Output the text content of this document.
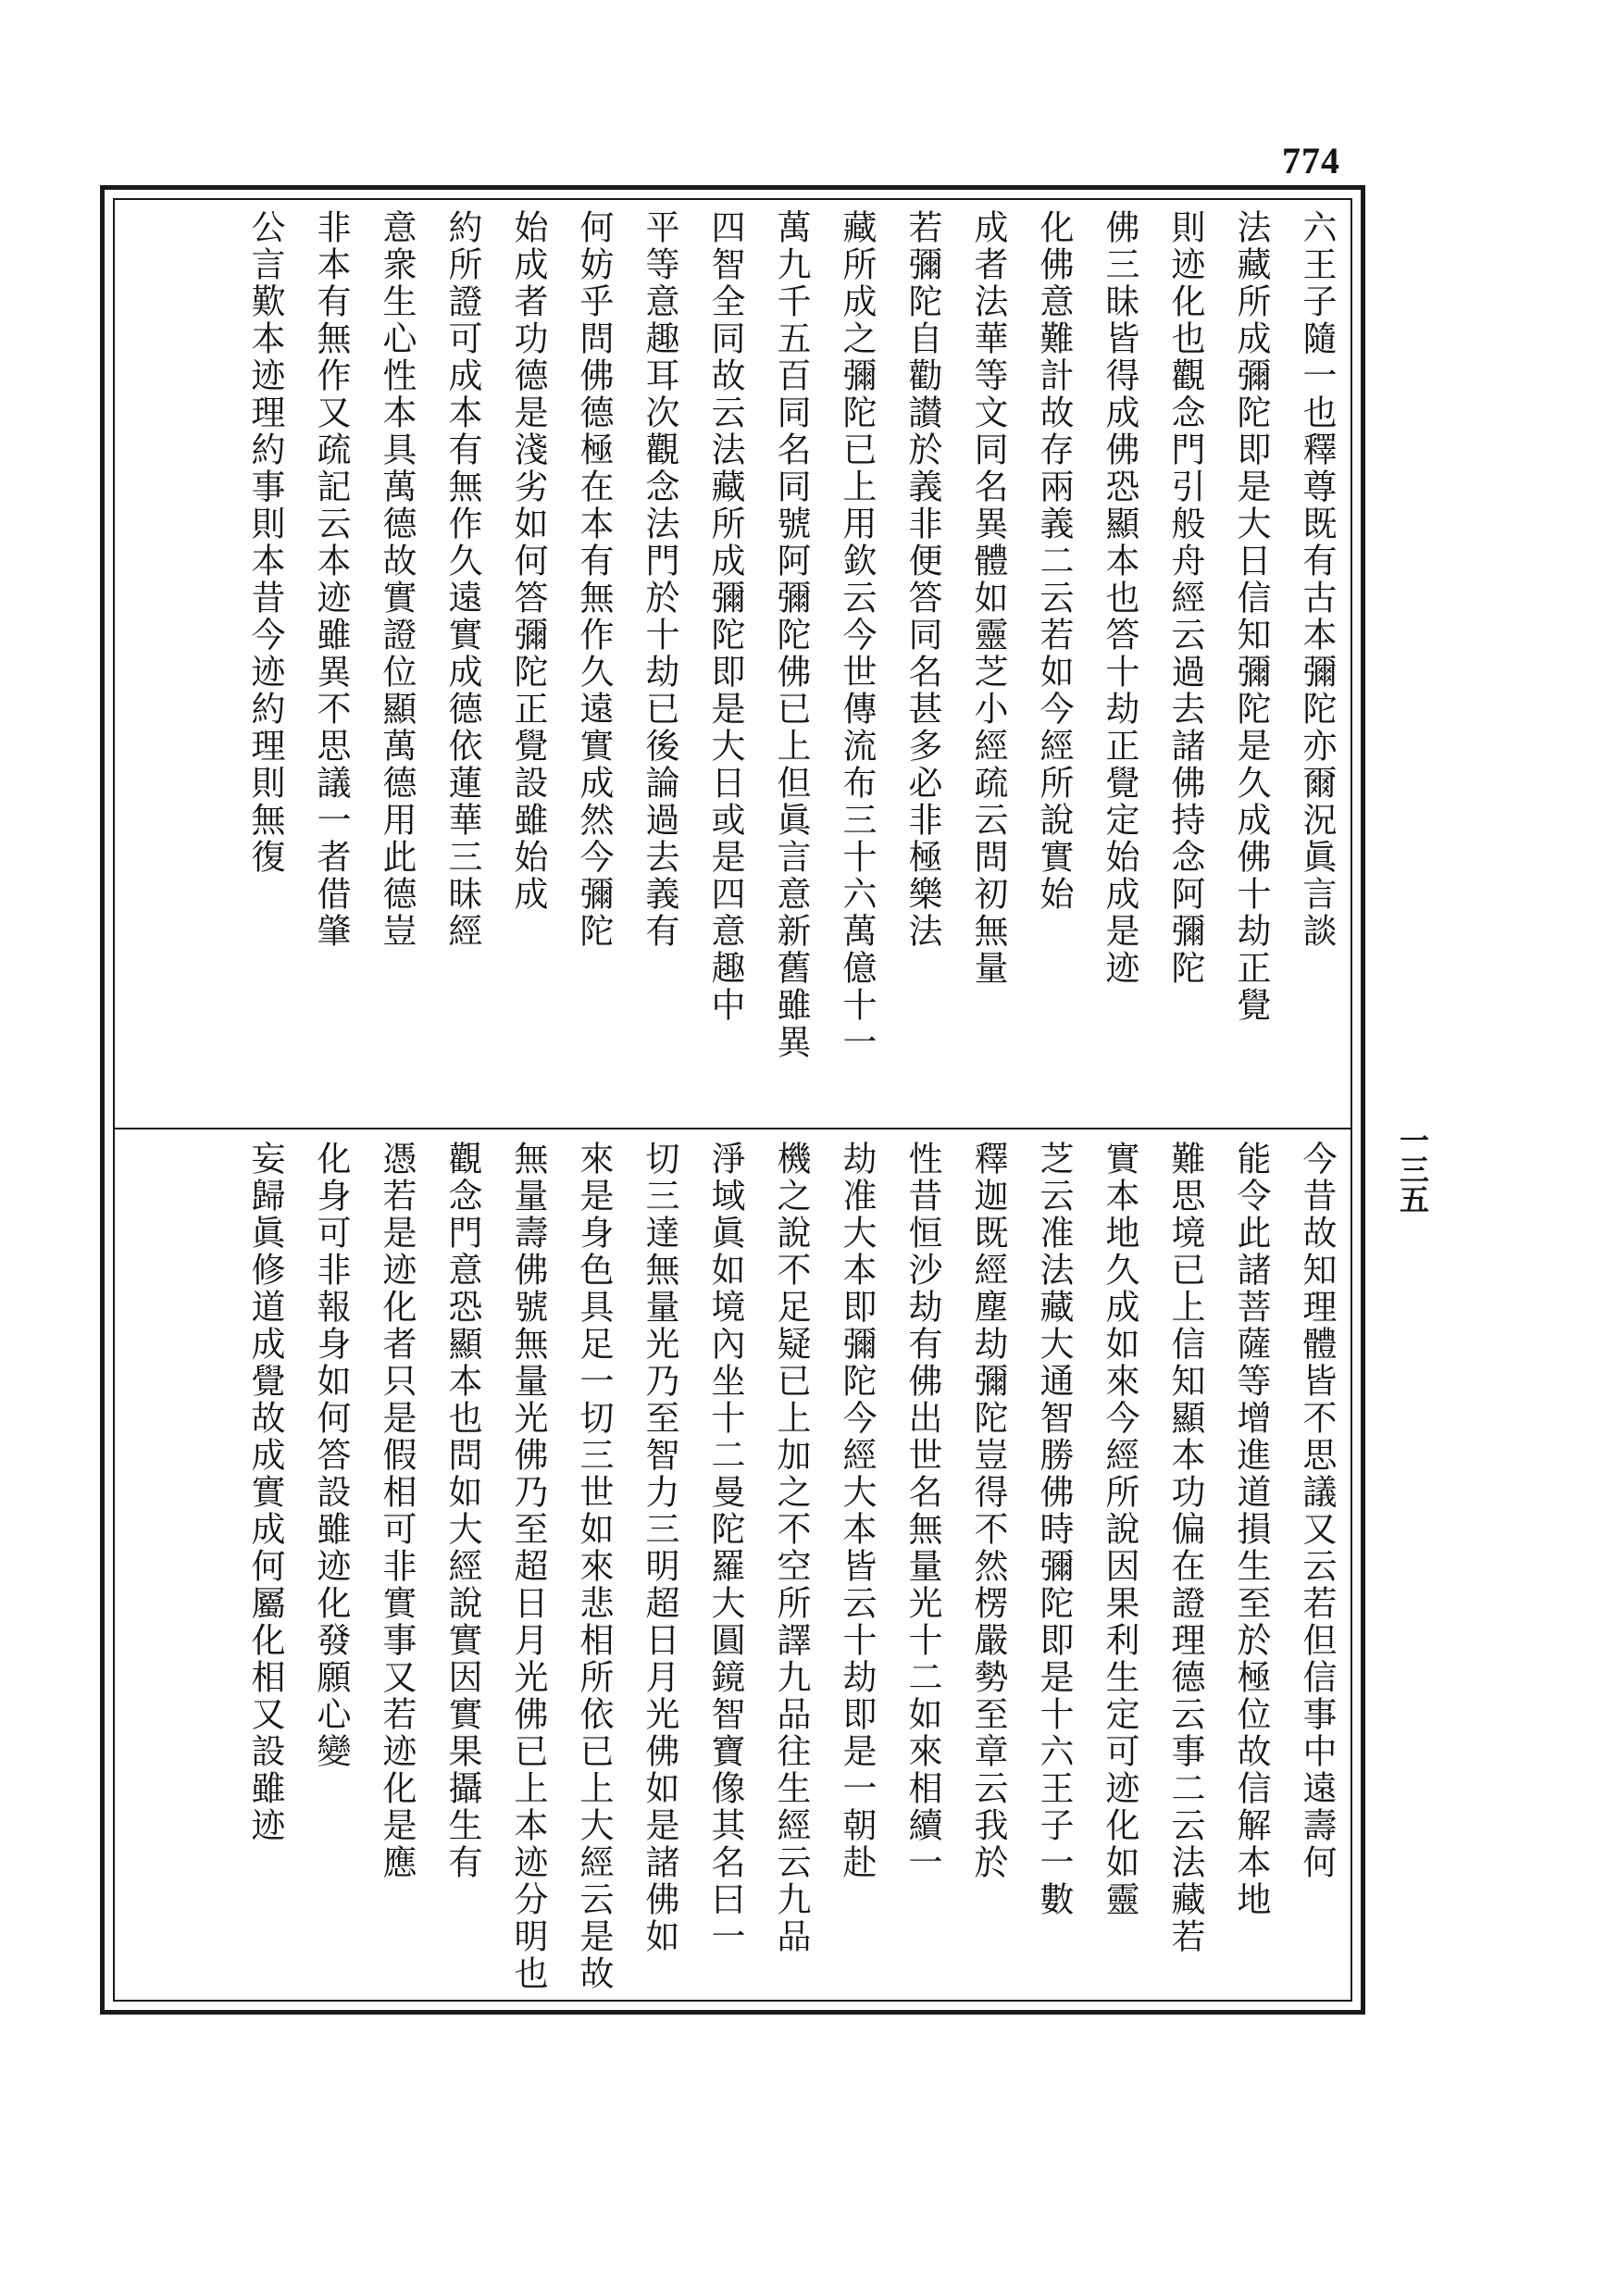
774
一三五
六王子隨一也釋尊既有古本彌陀亦爾況眞言談
法藏所成彌陀即是大日信知彌陀是久成佛十劫正覺
則迹化也觀念門引般舟經云過去諸佛持念阿彌陀
佛三昧皆得成佛恐顯本也答十劫正覺定始成是迹
化佛意難計故存兩義二云若如今經所說實始
成者法華等文同名異體如靈芝小經疏云問初無量
若彌陀自勸讃於義非便答同名甚多必非極樂法
藏所成之彌陀已上用欽云今世傳流布三十六萬億十一
萬九千五百同名同號阿彌陀佛已上但眞言意新舊雖異
四智全同故云法藏所成彌陀即是大日或是四意趣中
平等意趣耳次觀念法門於十劫已後論過去義有
何妨乎問佛德極在本有無作久遠實成然今彌陀
始成者功德是淺劣如何答彌陀正覺設雖始成
約所證可成本有無作久遠實成德依蓮華三昧經
意衆生心性本具萬德故實證位顯萬德用此德豈
非本有無作又疏記云本迹雖異不思議一者借肇
公言歎本迹理約事則本昔今迹約理則無復
今昔故知理體皆不思議又云若但信事中遠壽何
能令此諸菩薩等增進道損生至於極位故信解本地
難思境已上信知顯本功偏在證理德云事二云法藏若
實本地久成如來今經所說因果利生定可迹化如靈
芝云准法藏大通智勝佛時彌陀即是十六王子一數
釋迦既經塵劫彌陀豈得不然楞嚴勢至章云我於
性昔恒沙劫有佛出世名無量光十二如來相續一
劫准大本即彌陀今經大本皆云十劫即是一朝赴
機之說不足疑已上加之不空所譯九品往生經云九品
淨域眞如境內坐十二曼陀羅大圓鏡智寶像其名曰一
切三達無量光乃至智力三明超日月光佛如是諸佛如
來是身色具足一切三世如來悲相所依已上大經云是故
無量壽佛號無量光佛乃至超日月光佛已上本迹分明也
觀念門意恐顯本也問如大經說實因實果攝生有
憑若是迹化者只是假相可非實事又若迹化是應
化身可非報身如何答設雖迹化發願心變
妄歸眞修道成覺故成實成何屬化相又設雖迹
